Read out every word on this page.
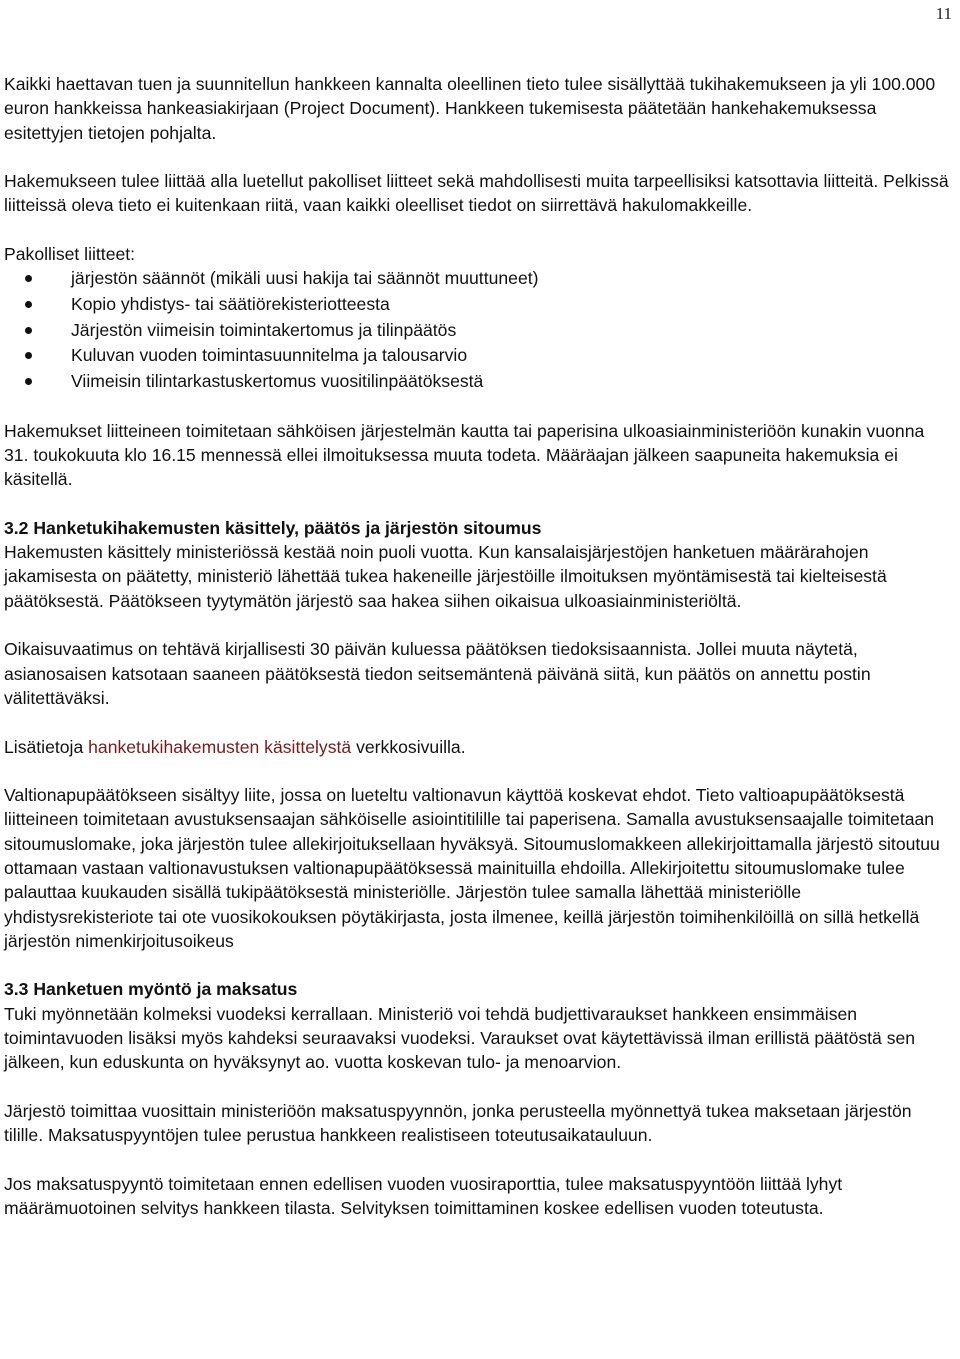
11

Kaikki haettavan tuen ja suunnitellun hankkeen kannalta oleellinen tieto tulee sisällyttää tukihakemukseen ja yli 100.000 euron hankkeissa hankeasiakirjaan (Project Document). Hankkeen tukemisesta päätetään hankehakemuksessa esitettyjen tietojen pohjalta.

Hakemukseen tulee liittää alla luetellut pakolliset liitteet sekä mahdollisesti muita tarpeellisiksi katsottavia liitteitä. Pelkissä liitteissä oleva tieto ei kuitenkaan riitä, vaan kaikki oleelliset tiedot on siirrettävä hakulomakkeille.

Pakolliset liitteet:

järjestön säännöt (mikäli uusi hakija tai säännöt muuttuneet)
Kopio yhdistys- tai säätiörekisteriotteesta
Järjestön viimeisin toimintakertomus ja tilinpäätös
Kuluvan vuoden toimintasuunnitelma ja talousarvio
Viimeisin tilintarkastuskertomus vuositilinpäätöksestä

Hakemukset liitteineen toimitetaan sähköisen järjestelmän kautta tai paperisina ulkoasiainministeriöön kunakin vuonna 31. toukokuuta klo 16.15 mennessä ellei ilmoituksessa muuta todeta. Määräajan jälkeen saapuneita hakemuksia ei käsitellä.

3.2 Hanketukihakemusten käsittely, päätös ja järjestön sitoumus

Hakemusten käsittely ministeriössä kestää noin puoli vuotta. Kun kansalaisjärjestöjen hanketuen määrärahojen jakamisesta on päätetty, ministeriö lähettää tukea hakeneille järjestöille ilmoituksen myöntämisestä tai kielteisestä päätöksestä. Päätökseen tyytymätön järjestö saa hakea siihen oikaisua ulkoasiainministeriöltä.

Oikaisuvaatimus on tehtävä kirjallisesti 30 päivän kuluessa päätöksen tiedoksisaannista. Jollei muuta näytetä, asianosaisen katsotaan saaneen päätöksestä tiedon seitsemäntenä päivänä siitä, kun päätös on annettu postin välitettäväksi.

Lisätietoja hanketukihakemusten käsittelystä verkkosivuilla.

Valtionapupäätökseen sisältyy liite, jossa on lueteltu valtionavun käyttöä koskevat ehdot. Tieto valtioapupäätöksestä liitteineen toimitetaan avustuksensaajan sähköiselle asiointitilille tai paperisena. Samalla avustuksensaajalle toimitetaan sitoumuslomake, joka järjestön tulee allekirjoituksellaan hyväksyä. Sitoumuslomakkeen allekirjoittamalla järjestö sitoutuu ottamaan vastaan valtionavustuksen valtionapupäätöksessä mainituilla ehdoilla. Allekirjoitettu sitoumuslomake tulee palauttaa kuukauden sisällä tukipäätöksestä ministeriölle. Järjestön tulee samalla lähettää ministeriölle yhdistysrekisteriote tai ote vuosikokouksen pöytäkirjasta, josta ilmenee, keillä järjestön toimihenkilöillä on sillä hetkellä järjestön nimenkirjoitusoikeus

3.3 Hanketuen myöntö ja maksatus

Tuki myönnetään kolmeksi vuodeksi kerrallaan. Ministeriö voi tehdä budjettivaraukset hankkeen ensimmäisen toimintavuoden lisäksi myös kahdeksi seuraavaksi vuodeksi. Varaukset ovat käytettävissä ilman erillistä päätöstä sen jälkeen, kun eduskunta on hyväksynyt ao. vuotta koskevan tulo- ja menoarvion.

Järjestö toimittaa vuosittain ministeriöön maksatuspyynnön, jonka perusteella myönnettyä tukea maksetaan järjestön tilille. Maksatuspyyntöjen tulee perustua hankkeen realistiseen toteutusaikatauluun.

Jos maksatuspyyntö toimitetaan ennen edellisen vuoden vuosiraporttia, tulee maksatuspyyntöön liittää lyhyt määrämuotoinen selvitys hankkeen tilasta. Selvityksen toimittaminen koskee edellisen vuoden toteutusta.
